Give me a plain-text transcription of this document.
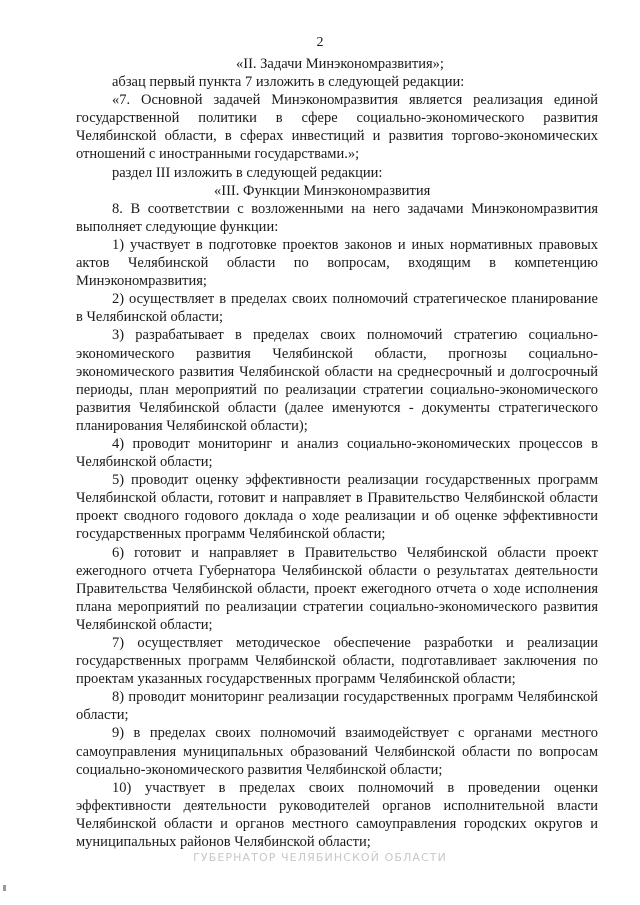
2

«II. Задачи Минэкономразвития»;

абзац первый пункта 7 изложить в следующей редакции:

«7. Основной задачей Минэкономразвития является реализация единой государственной политики в сфере социально-экономического развития Челябинской области, в сферах инвестиций и развития торгово-экономических отношений с иностранными государствами.»;

раздел III изложить в следующей редакции:

«III. Функции Минэкономразвития

8. В соответствии с возложенными на него задачами Минэкономразвития выполняет следующие функции:

1) участвует в подготовке проектов законов и иных нормативных правовых актов Челябинской области по вопросам, входящим в компетенцию Минэкономразвития;

2) осуществляет в пределах своих полномочий стратегическое планирование в Челябинской области;

3) разрабатывает в пределах своих полномочий стратегию социально-экономического развития Челябинской области, прогнозы социально-экономического развития Челябинской области на среднесрочный и долгосрочный периоды, план мероприятий по реализации стратегии социально-экономического развития Челябинской области (далее именуются - документы стратегического планирования Челябинской области);

4) проводит мониторинг и анализ социально-экономических процессов в Челябинской области;

5) проводит оценку эффективности реализации государственных программ Челябинской области, готовит и направляет в Правительство Челябинской области проект сводного годового доклада о ходе реализации и об оценке эффективности государственных программ Челябинской области;

6) готовит и направляет в Правительство Челябинской области проект ежегодного отчета Губернатора Челябинской области о результатах деятельности Правительства Челябинской области, проект ежегодного отчета о ходе исполнения плана мероприятий по реализации стратегии социально-экономического развития Челябинской области;

7) осуществляет методическое обеспечение разработки и реализации государственных программ Челябинской области, подготавливает заключения по проектам указанных государственных программ Челябинской области;

8) проводит мониторинг реализации государственных программ Челябинской области;

9) в пределах своих полномочий взаимодействует с органами местного самоуправления муниципальных образований Челябинской области по вопросам социально-экономического развития Челябинской области;

10) участвует в пределах своих полномочий в проведении оценки эффективности деятельности руководителей органов исполнительной власти Челябинской области и органов местного самоуправления городских округов и муниципальных районов Челябинской области;

ГУБЕРНАТОР ЧЕЛЯБИНСКОЙ ОБЛАСТИ
